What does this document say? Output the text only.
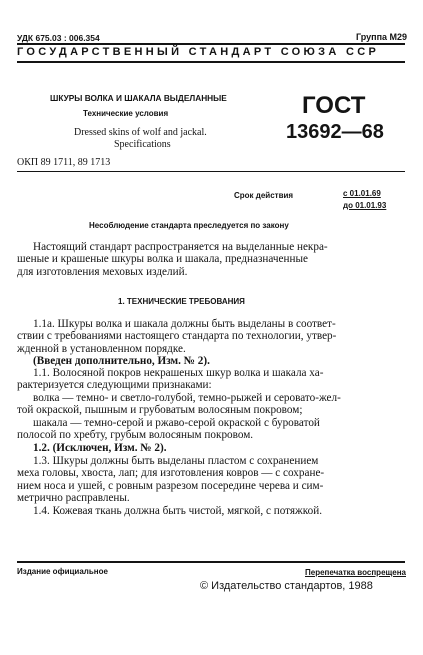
УДК 675.03 : 006.354	Группа М29
ГОСУДАРСТВЕННЫЙ СТАНДАРТ СОЮЗА ССР
ШКУРЫ ВОЛКА И ШАКАЛА ВЫДЕЛАННЫЕ
Технические условия
Dressed skins of wolf and jackal.
Specifications
ГОСТ
13692—68
ОКП 89 1711, 89 1713
Срок действия	с 01.01.69
до 01.01.93
Несоблюдение стандарта преследуется по закону
Настоящий стандарт распространяется на выделанные некра-
шеные и крашеные шкуры волка и шакала, предназначенные
для изготовления меховых изделий.
1. ТЕХНИЧЕСКИЕ ТРЕБОВАНИЯ
1.1а. Шкуры волка и шакала должны быть выделаны в соответ-
ствии с требованиями настоящего стандарта по технологии, утвер-
жденной в установленном порядке.
(Введен дополнительно, Изм. № 2).
1.1. Волосяной покров некрашеных шкур волка и шакала ха-
рактеризуется следующими признаками:
волка — темно- и светло-голубой, темно-рыжей и серовато-жел-
той окраской, пышным и грубоватым волосяным покровом;
шакала — темно-серой и ржаво-серой окраской с буроватой
полосой по хребту, грубым волосяным покровом.
1.2. (Исключен, Изм. № 2).
1.3. Шкуры должны быть выделаны пластом с сохранением
меха головы, хвоста, лап; для изготовления ковров — с сохране-
нием носа и ушей, с ровным разрезом посередине черева и сим-
метрично расправлены.
1.4. Кожевая ткань должна быть чистой, мягкой, с потяжкой.
Издание официальное	Перепечатка воспрещена
© Издательство стандартов, 1988
